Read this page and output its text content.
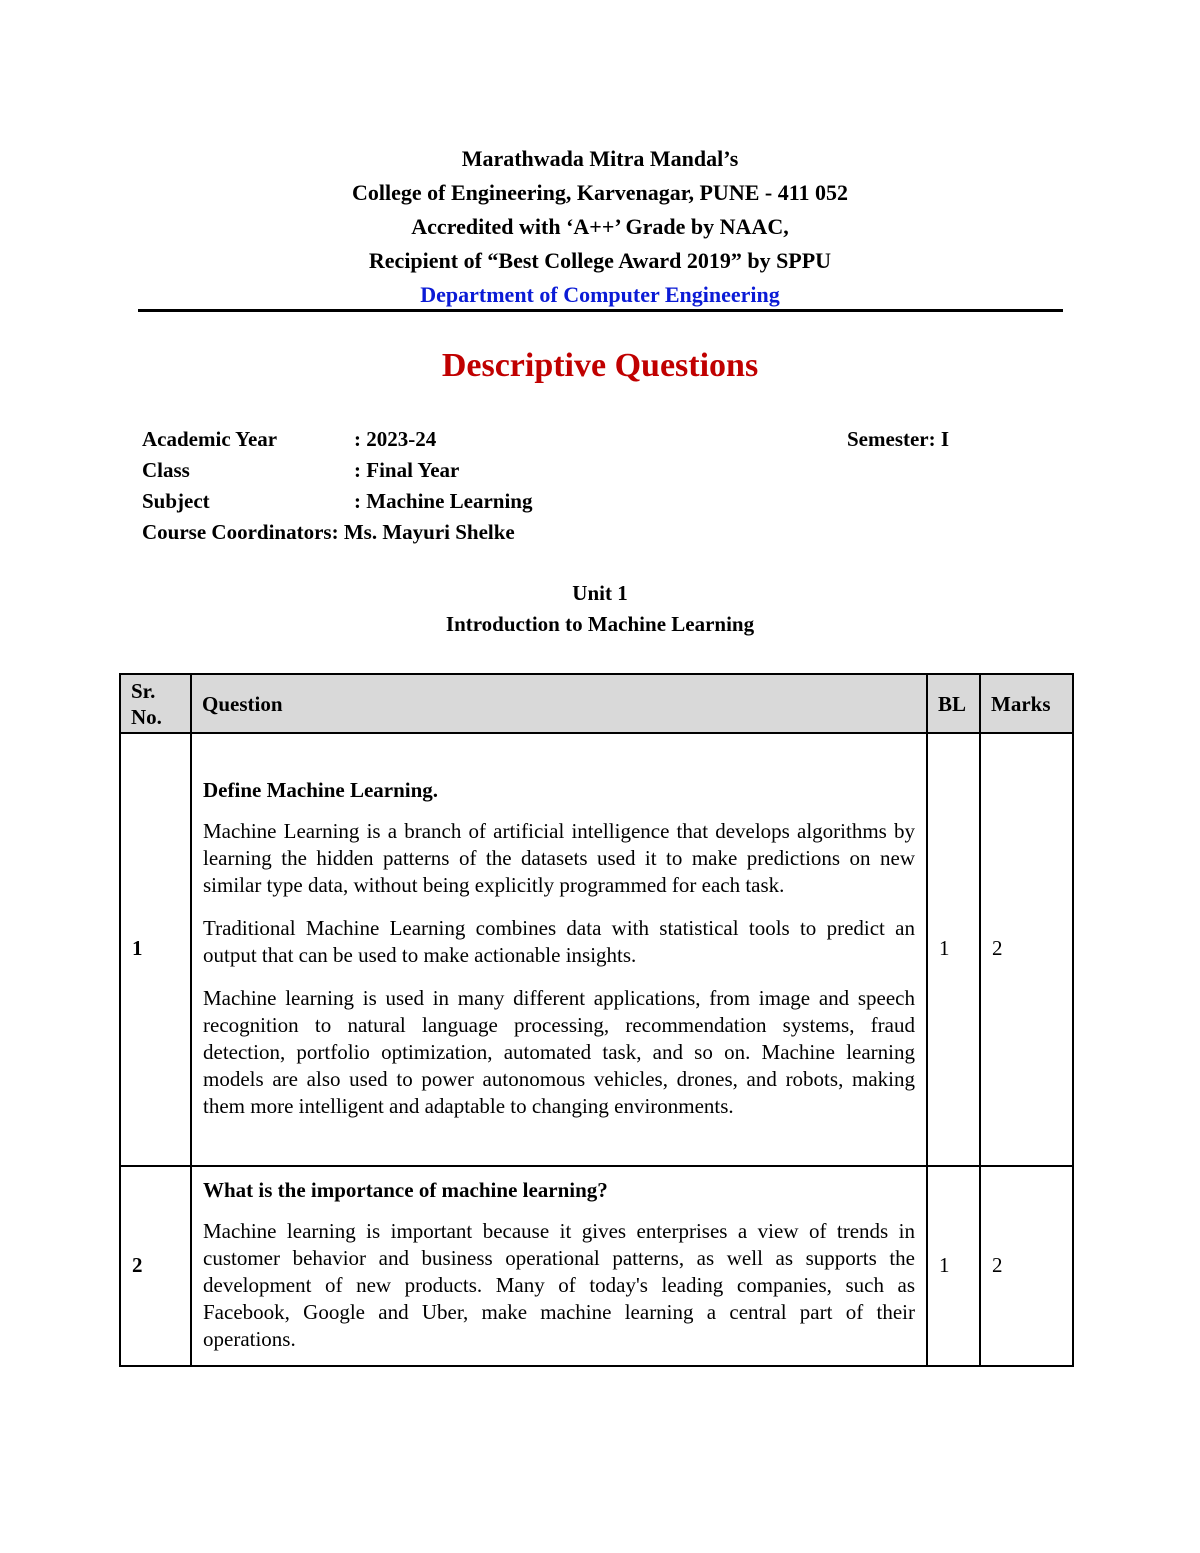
Marathwada Mitra Mandal’s
College of Engineering, Karvenagar, PUNE - 411 052
Accredited with ‘A++’ Grade by NAAC,
Recipient of “Best College Award 2019” by SPPU
Department of Computer Engineering
Descriptive Questions
Academic Year	: 2023-24	Semester: I
Class	: Final Year
Subject	: Machine Learning
Course Coordinators: Ms. Mayuri Shelke
Unit 1
Introduction to Machine Learning
Sr.
No.	Question	BL	Marks
1	Define Machine Learning.
Machine Learning is a branch of artificial intelligence that develops algorithms by learning the hidden patterns of the datasets used it to make predictions on new similar type data, without being explicitly programmed for each task.
Traditional Machine Learning combines data with statistical tools to predict an output that can be used to make actionable insights.
Machine learning is used in many different applications, from image and speech recognition to natural language processing, recommendation systems, fraud detection, portfolio optimization, automated task, and so on. Machine learning models are also used to power autonomous vehicles, drones, and robots, making them more intelligent and adaptable to changing environments.	1	2
2	What is the importance of machine learning?
Machine learning is important because it gives enterprises a view of trends in customer behavior and business operational patterns, as well as supports the development of new products. Many of today's leading companies, such as Facebook, Google and Uber, make machine learning a central part of their operations.	1	2
